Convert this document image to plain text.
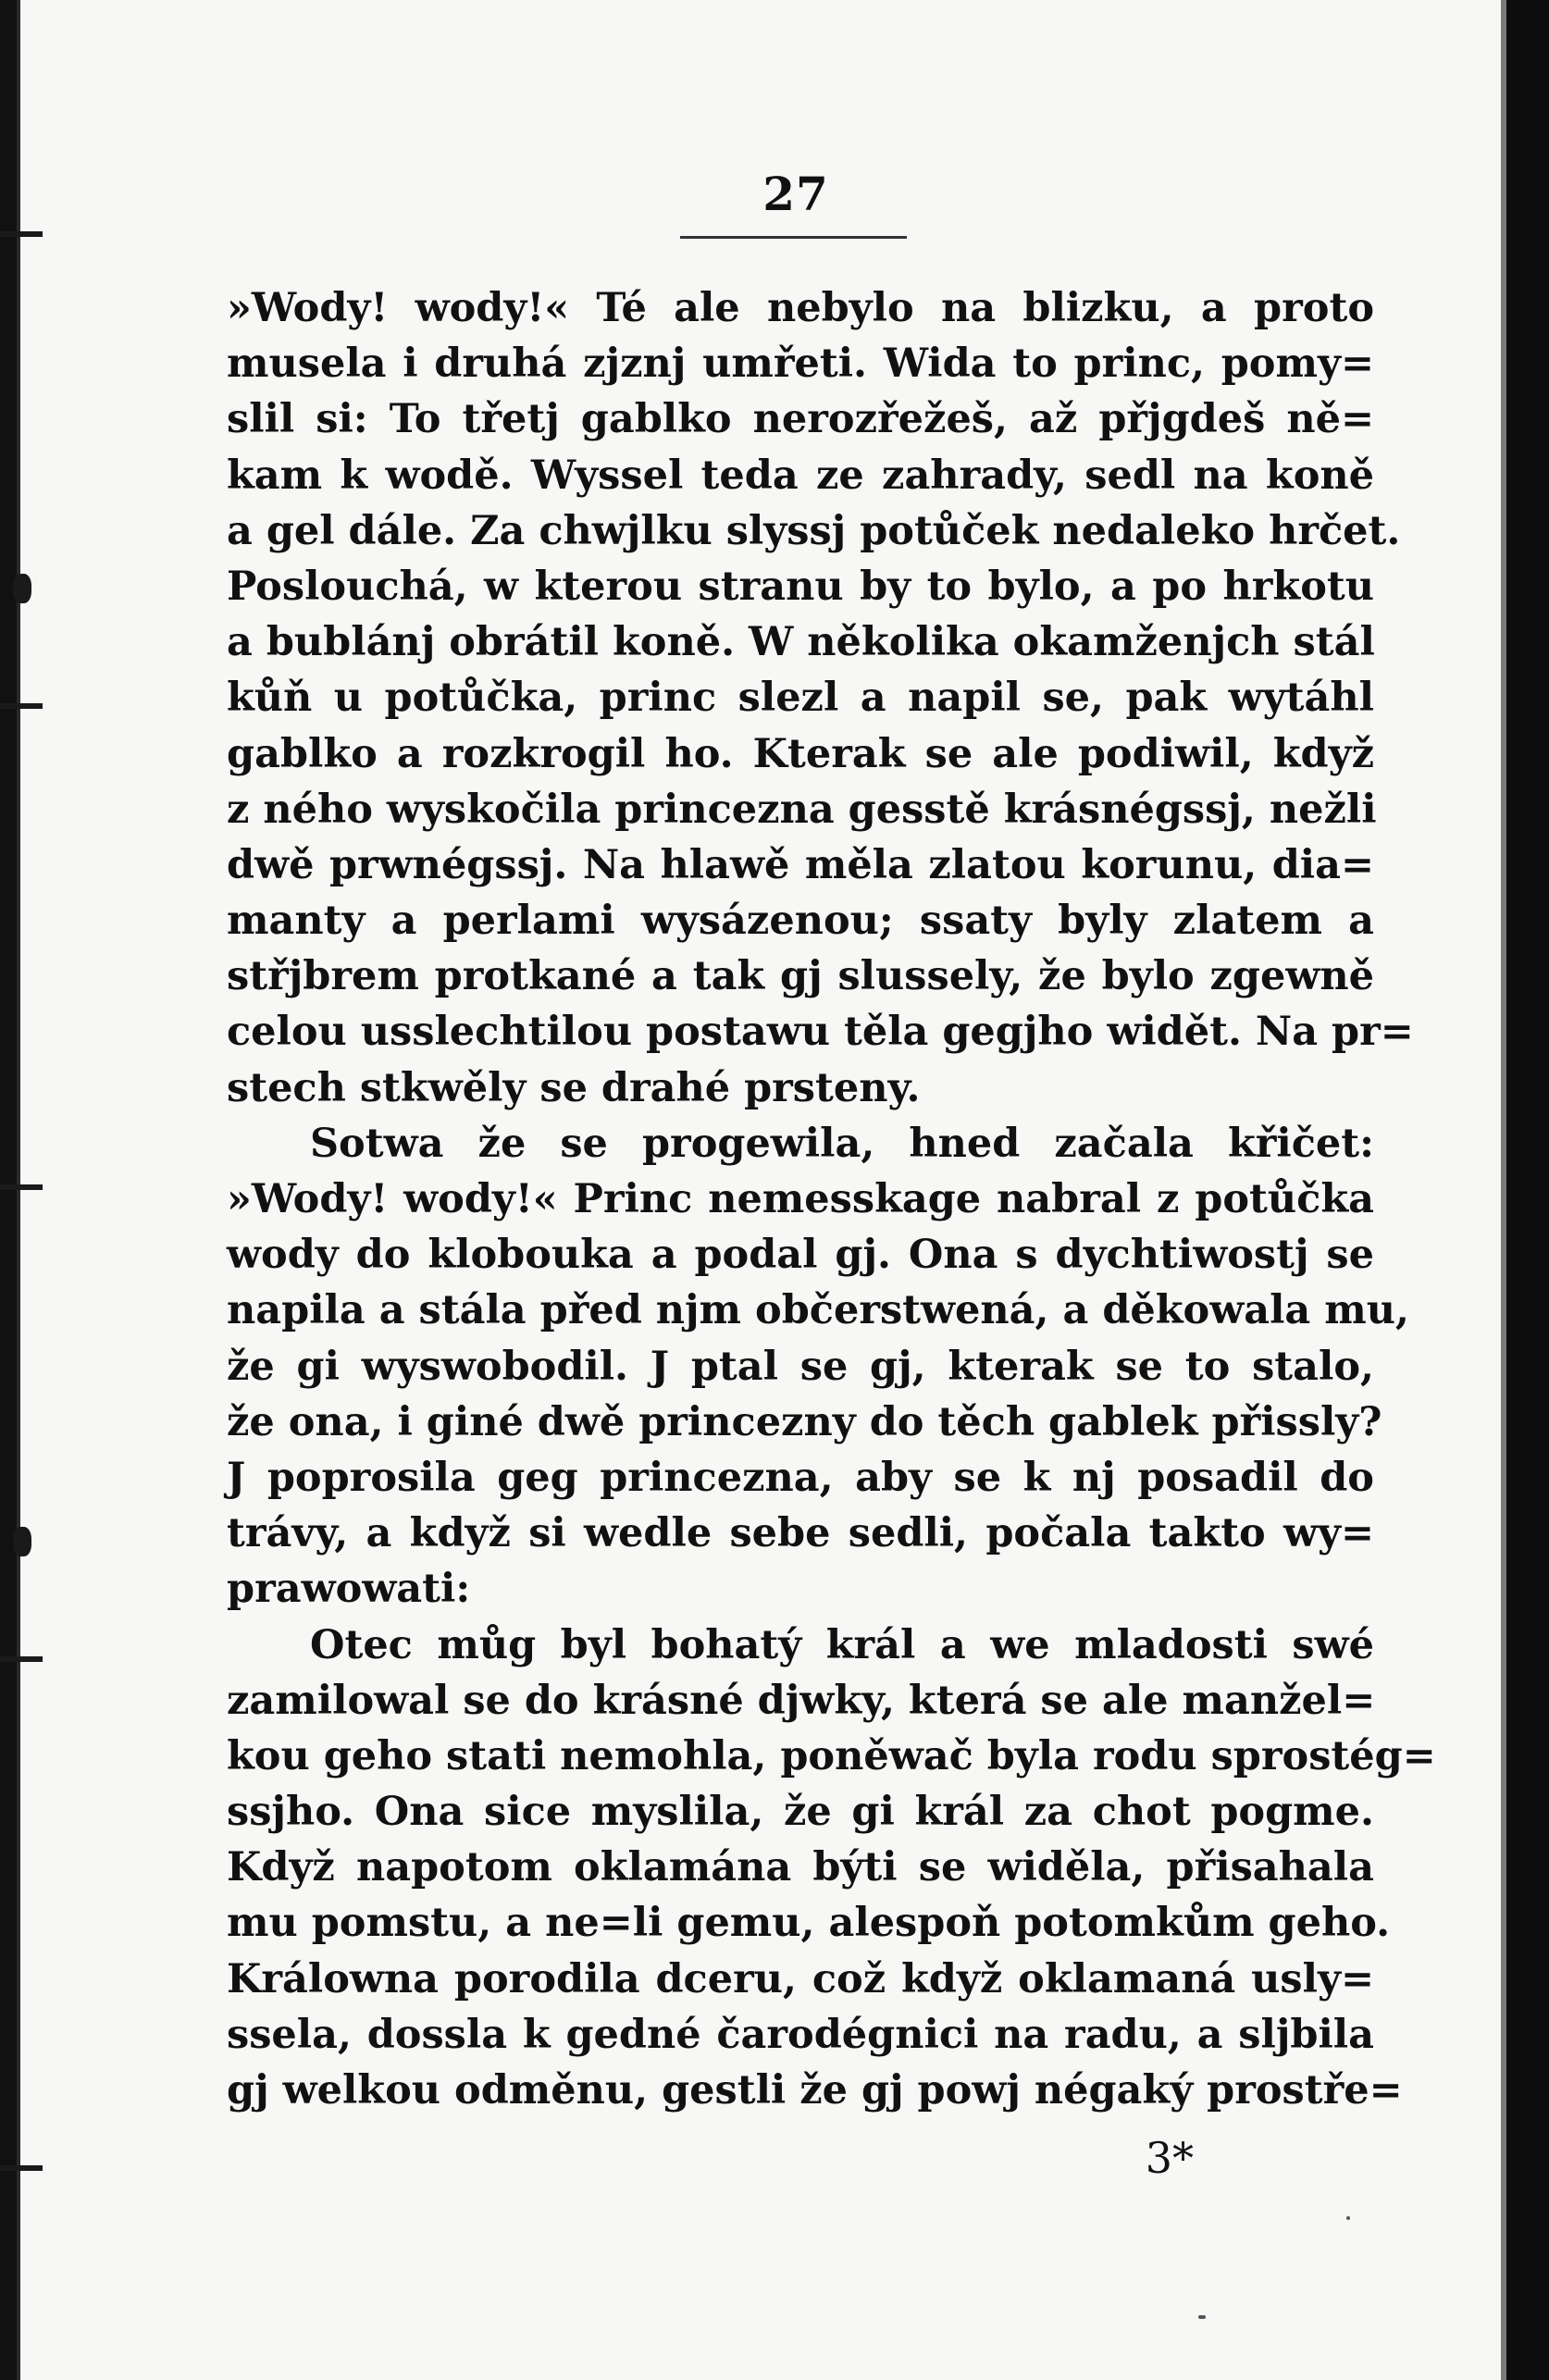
27
»Wody! wody!« Té ale nebylo na blizku, a proto
musela i druhá zjznj umřeti. Wida to princ, pomy=
slil si: To třetj gablko nerozřežeš, až přjgdeš ně=
kam k wodě. Wyssel teda ze zahrady, sedl na koně
a gel dále. Za chwjlku slyssj potůček nedaleko hrčet.
Poslouchá, w kterou stranu by to bylo, a po hrkotu
a bublánj obrátil koně. W několika okamženjch stál
kůň u potůčka, princ slezl a napil se, pak wytáhl
gablko a rozkrogil ho. Kterak se ale podiwil, když
z ného wyskočila princezna gesstě krásnégssj, nežli
dwě prwnégssj. Na hlawě měla zlatou korunu, dia=
manty a perlami wysázenou; ssaty byly zlatem a
střjbrem protkané a tak gj slussely, že bylo zgewně
celou usslechtilou postawu těla gegjho widět. Na pr=
stech stkwěly se drahé prsteny.
Sotwa že se progewila, hned začala křičet:
»Wody! wody!« Princ nemesskage nabral z potůčka
wody do klobouka a podal gj. Ona s dychtiwostj se
napila a stála před njm občerstwená, a děkowala mu,
že gi wyswobodil. J ptal se gj, kterak se to stalo,
že ona, i giné dwě princezny do těch gablek přissly?
J poprosila geg princezna, aby se k nj posadil do
trávy, a když si wedle sebe sedli, počala takto wy=
prawowati:
Otec můg byl bohatý král a we mladosti swé
zamilowal se do krásné djwky, která se ale manžel=
kou geho stati nemohla, poněwač byla rodu sprostég=
ssjho. Ona sice myslila, že gi král za chot pogme.
Když napotom oklamána býti se widěla, přisahala
mu pomstu, a ne=li gemu, alespoň potomkům geho.
Králowna porodila dceru, což když oklamaná usly=
ssela, dossla k gedné čarodégnici na radu, a sljbila
gj welkou odměnu, gestli že gj powj négaký prostře=
3*
